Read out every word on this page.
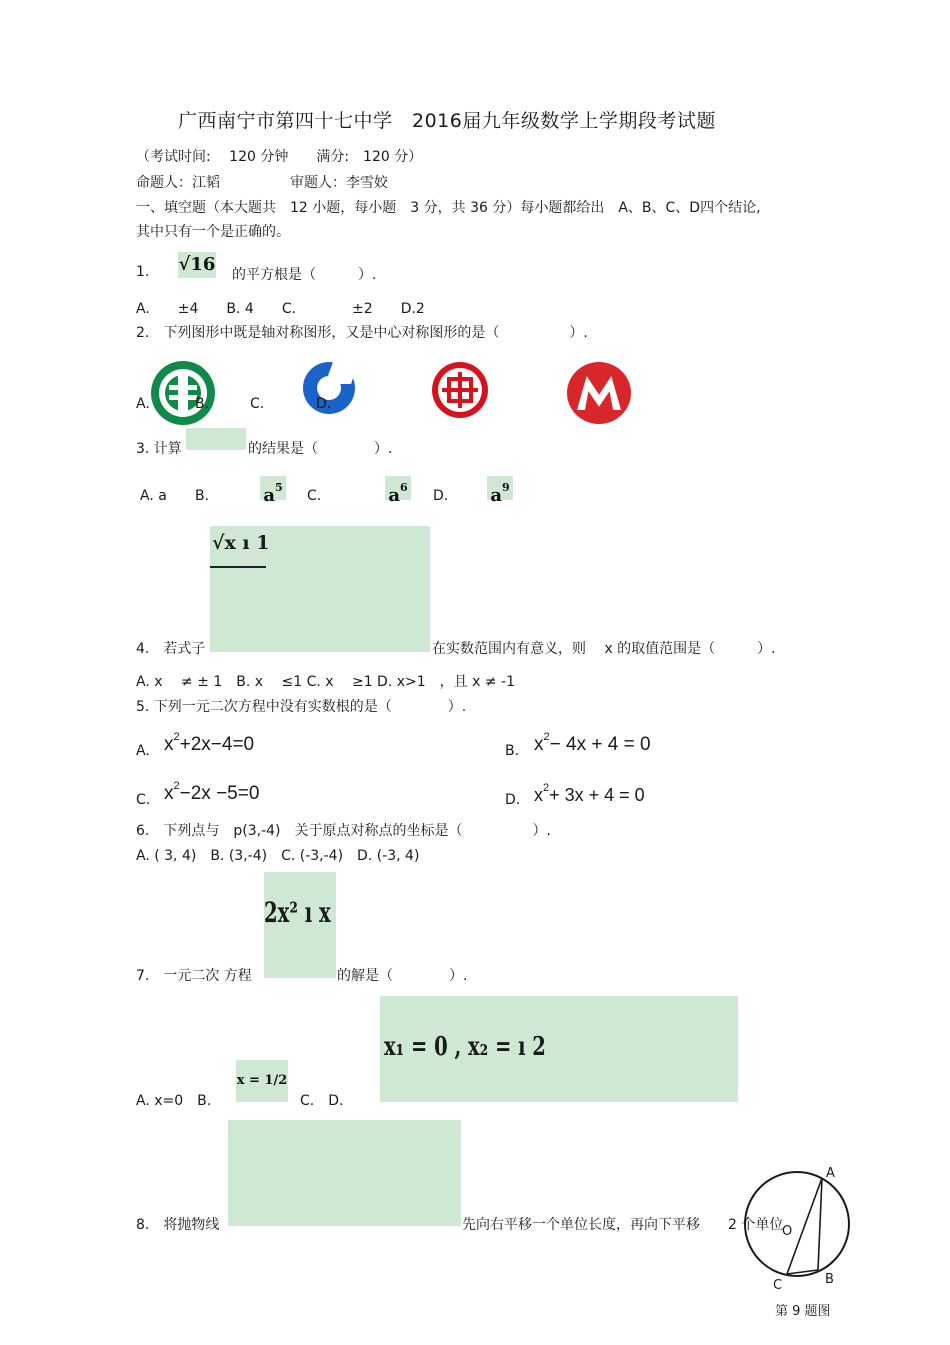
广西南宁市第四十七中学　2016届九年级数学上学期段考试题
（考试时间:　 120 分钟　　满分:　120 分）
命题人：江韬　　　　　审题人：李雪姣
一、填空题（本大题共　12 小题，每小题　3 分，共 36 分）每小题都给出　A、B、C、D四个结论,
其中只有一个是正确的。
1. √16 的平方根是（　　　）.
A.　　±4　　B. 4　　C.　　　　±2　　D.2
2.　下列图形中既是轴对称图形，又是中心对称图形的是（　　　　　）.
A.	B.	C.	D.
3. 计算	的结果是（　　　　）.
A. a B.	$a^5$
C.	$a^6$
D. $a^9$
√x ı 1
4.　若式子	在实数范围内有意义，则　 x 的取值范围是（　　　）.
A. x　 ≠ ± 1　B. x　 ≤1 C. x　 ≥1 D. x>1　，且 x ≠ -1
5. 下列一元二次方程中没有实数根的是（　　　　）.
A. $x^2+2x-4=0$	B. $x^2- 4x + 4 = 0$
C. $x^2-2x -5=0$	D. $x^2+ 3x + 4 = 0$
6.　下列点与　p(3,-4)　关于原点对称点的坐标是（　　　　　）.
A. ( 3, 4)　B. (3,-4)　C. (-3,-4)　D. (-3, 4)
2x² ı x
7.　一元二次 方程	的解是（　　　　）.
A. x=0　B.
x = 1/2
C.　D.
x₁ = 0 , x₂ = ı 2
8.　将抛物线	先向右平移一个单位长度，再向下平移　　2 个单位
A
O
B
C
第 9 题图
